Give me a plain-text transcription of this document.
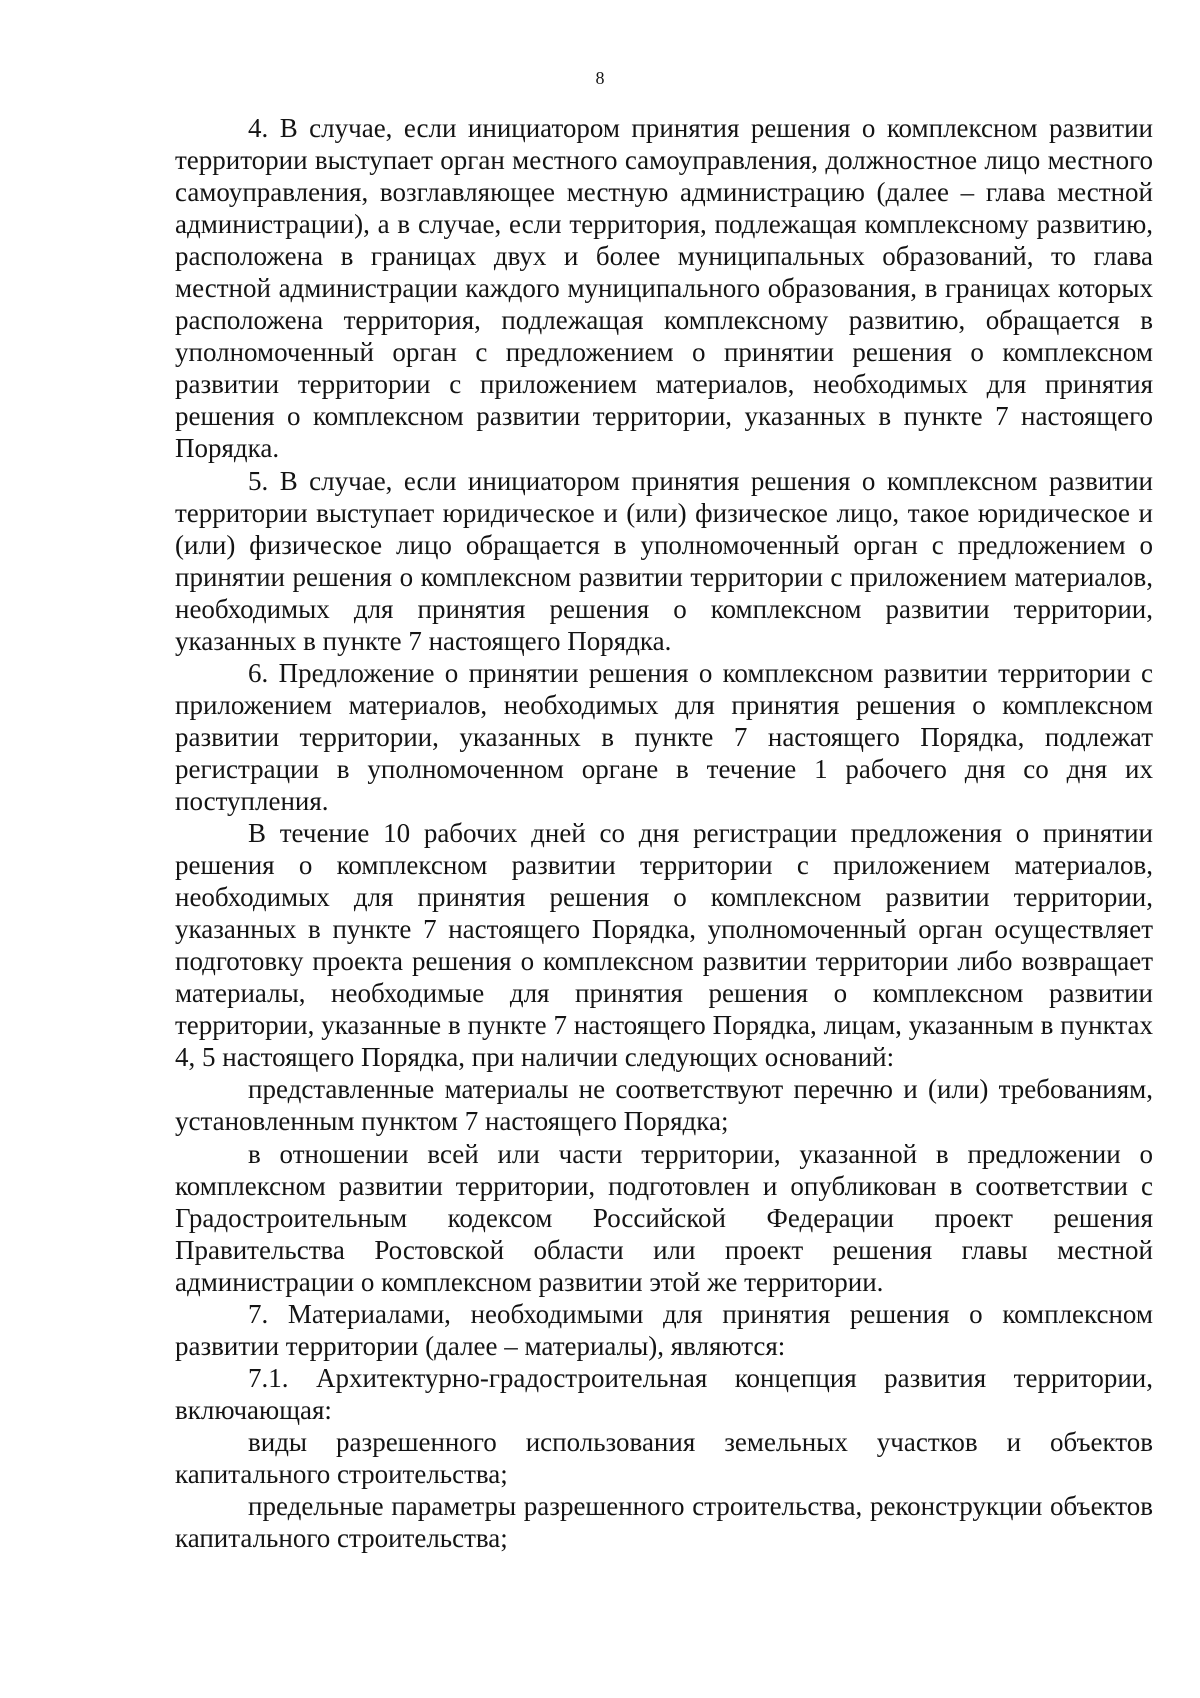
8

4. В случае, если инициатором принятия решения о комплексном развитии территории выступает орган местного самоуправления, должностное лицо местного самоуправления, возглавляющее местную администрацию (далее – глава местной администрации), а в случае, если территория, подлежащая комплексному развитию, расположена в границах двух и более муниципальных образований, то глава местной администрации каждого муниципального образования, в границах которых расположена территория, подлежащая комплексному развитию, обращается в уполномоченный орган с предложением о принятии решения о комплексном развитии территории с приложением материалов, необходимых для принятия решения о комплексном развитии территории, указанных в пункте 7 настоящего Порядка.

5. В случае, если инициатором принятия решения о комплексном развитии территории выступает юридическое и (или) физическое лицо, такое юридическое и (или) физическое лицо обращается в уполномоченный орган с предложением о принятии решения о комплексном развитии территории с приложением материалов, необходимых для принятия решения о комплексном развитии территории, указанных в пункте 7 настоящего Порядка.

6. Предложение о принятии решения о комплексном развитии территории с приложением материалов, необходимых для принятия решения о комплексном развитии территории, указанных в пункте 7 настоящего Порядка, подлежат регистрации в уполномоченном органе в течение 1 рабочего дня со дня их поступления.

В течение 10 рабочих дней со дня регистрации предложения о принятии решения о комплексном развитии территории с приложением материалов, необходимых для принятия решения о комплексном развитии территории, указанных в пункте 7 настоящего Порядка, уполномоченный орган осуществляет подготовку проекта решения о комплексном развитии территории либо возвращает материалы, необходимые для принятия решения о комплексном развитии территории, указанные в пункте 7 настоящего Порядка, лицам, указанным в пунктах 4, 5 настоящего Порядка, при наличии следующих оснований:

представленные материалы не соответствуют перечню и (или) требованиям, установленным пунктом 7 настоящего Порядка;

в отношении всей или части территории, указанной в предложении о комплексном развитии территории, подготовлен и опубликован в соответствии с Градостроительным кодексом Российской Федерации проект решения Правительства Ростовской области или проект решения главы местной администрации о комплексном развитии этой же территории.

7. Материалами, необходимыми для принятия решения о комплексном развитии территории (далее – материалы), являются:

7.1. Архитектурно-градостроительная концепция развития территории, включающая:

виды разрешенного использования земельных участков и объектов капитального строительства;

предельные параметры разрешенного строительства, реконструкции объектов капитального строительства;
